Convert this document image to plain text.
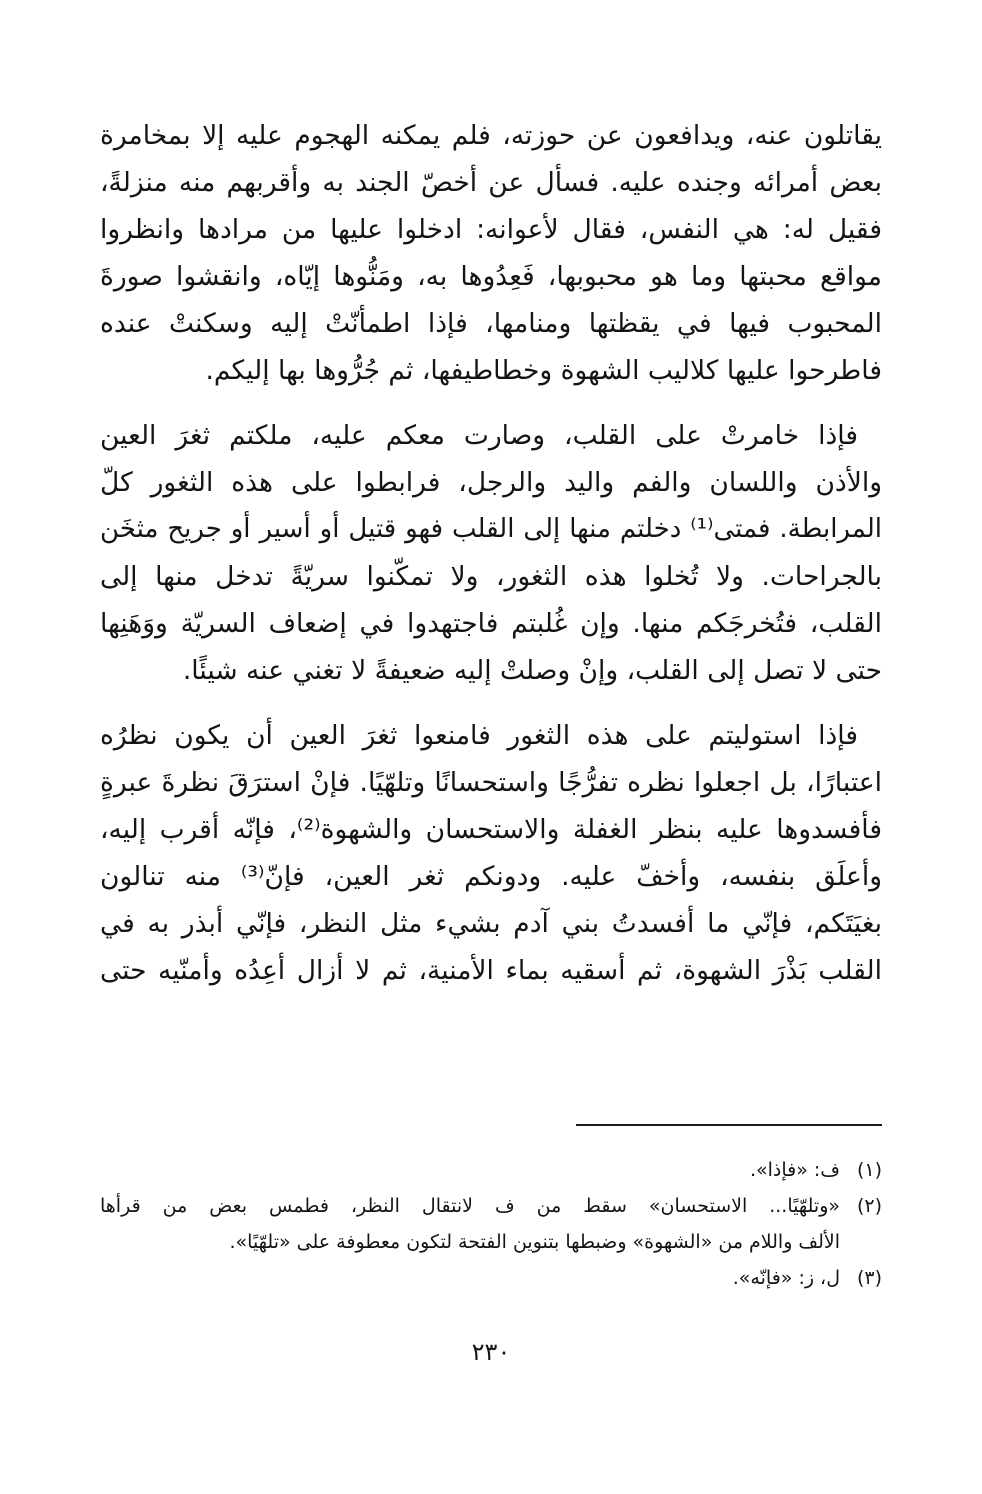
يقاتلون عنه، ويدافعون عن حوزته، فلم يمكنه الهجوم عليه إلا بمخامرة
بعض أمرائه وجنده عليه. فسأل عن أخصّ الجند به وأقربهم منه منزلةً،
فقيل له: هي النفس، فقال لأعوانه: ادخلوا عليها من مرادها وانظروا
مواقع محبتها وما هو محبوبها، فَعِدُوها به، ومَنُّوها إيّاه، وانقشوا صورةَ
المحبوب فيها في يقظتها ومنامها، فإذا اطمأنّتْ إليه وسكنتْ عنده
فاطرحوا عليها كلاليب الشهوة وخطاطيفها، ثم جُرُّوها بها إليكم.

فإذا خامرتْ على القلب، وصارت معكم عليه، ملكتم ثغرَ العين
والأذن واللسان والفم واليد والرجل، فرابطوا على هذه الثغور كلّ
المرابطة. فمتى⁽¹⁾ دخلتم منها إلى القلب فهو قتيل أو أسير أو جريح مثخَن
بالجراحات. ولا تُخلوا هذه الثغور، ولا تمكّنوا سريّةً تدخل منها إلى
القلب، فتُخرجَكم منها. وإن غُلبتم فاجتهدوا في إضعاف السريّة ووَهَنِها
حتى لا تصل إلى القلب، وإنْ وصلتْ إليه ضعيفةً لا تغني عنه شيئًا.

فإذا استوليتم على هذه الثغور فامنعوا ثغرَ العين أن يكون نظرُه
اعتبارًا، بل اجعلوا نظره تفرُّجًا واستحسانًا وتلهّيًا. فإنْ استرَقَ نظرةَ عبرةٍ
فأفسدوها عليه بنظر الغفلة والاستحسان والشهوة⁽²⁾، فإنّه أقرب إليه،
وأعلَق بنفسه، وأخفّ عليه. ودونكم ثغر العين، فإنّ⁽³⁾ منه تنالون
بغيَتَكم، فإنّي ما أفسدتُ بني آدم بشيء مثل النظر، فإنّي أبذر به في
القلب بَذْرَ الشهوة، ثم أسقيه بماء الأمنية، ثم لا أزال أعِدُه وأمنّيه حتى

(١)
ف: «فإذا».
(٢)
«وتلهّيًا... الاستحسان» سقط من ف لانتقال النظر، فطمس بعض من قرأها
الألف واللام من «الشهوة» وضبطها بتنوين الفتحة لتكون معطوفة على «تلهّيًا».
(٣)
ل، ز: «فإنّه».
٢٣٠
